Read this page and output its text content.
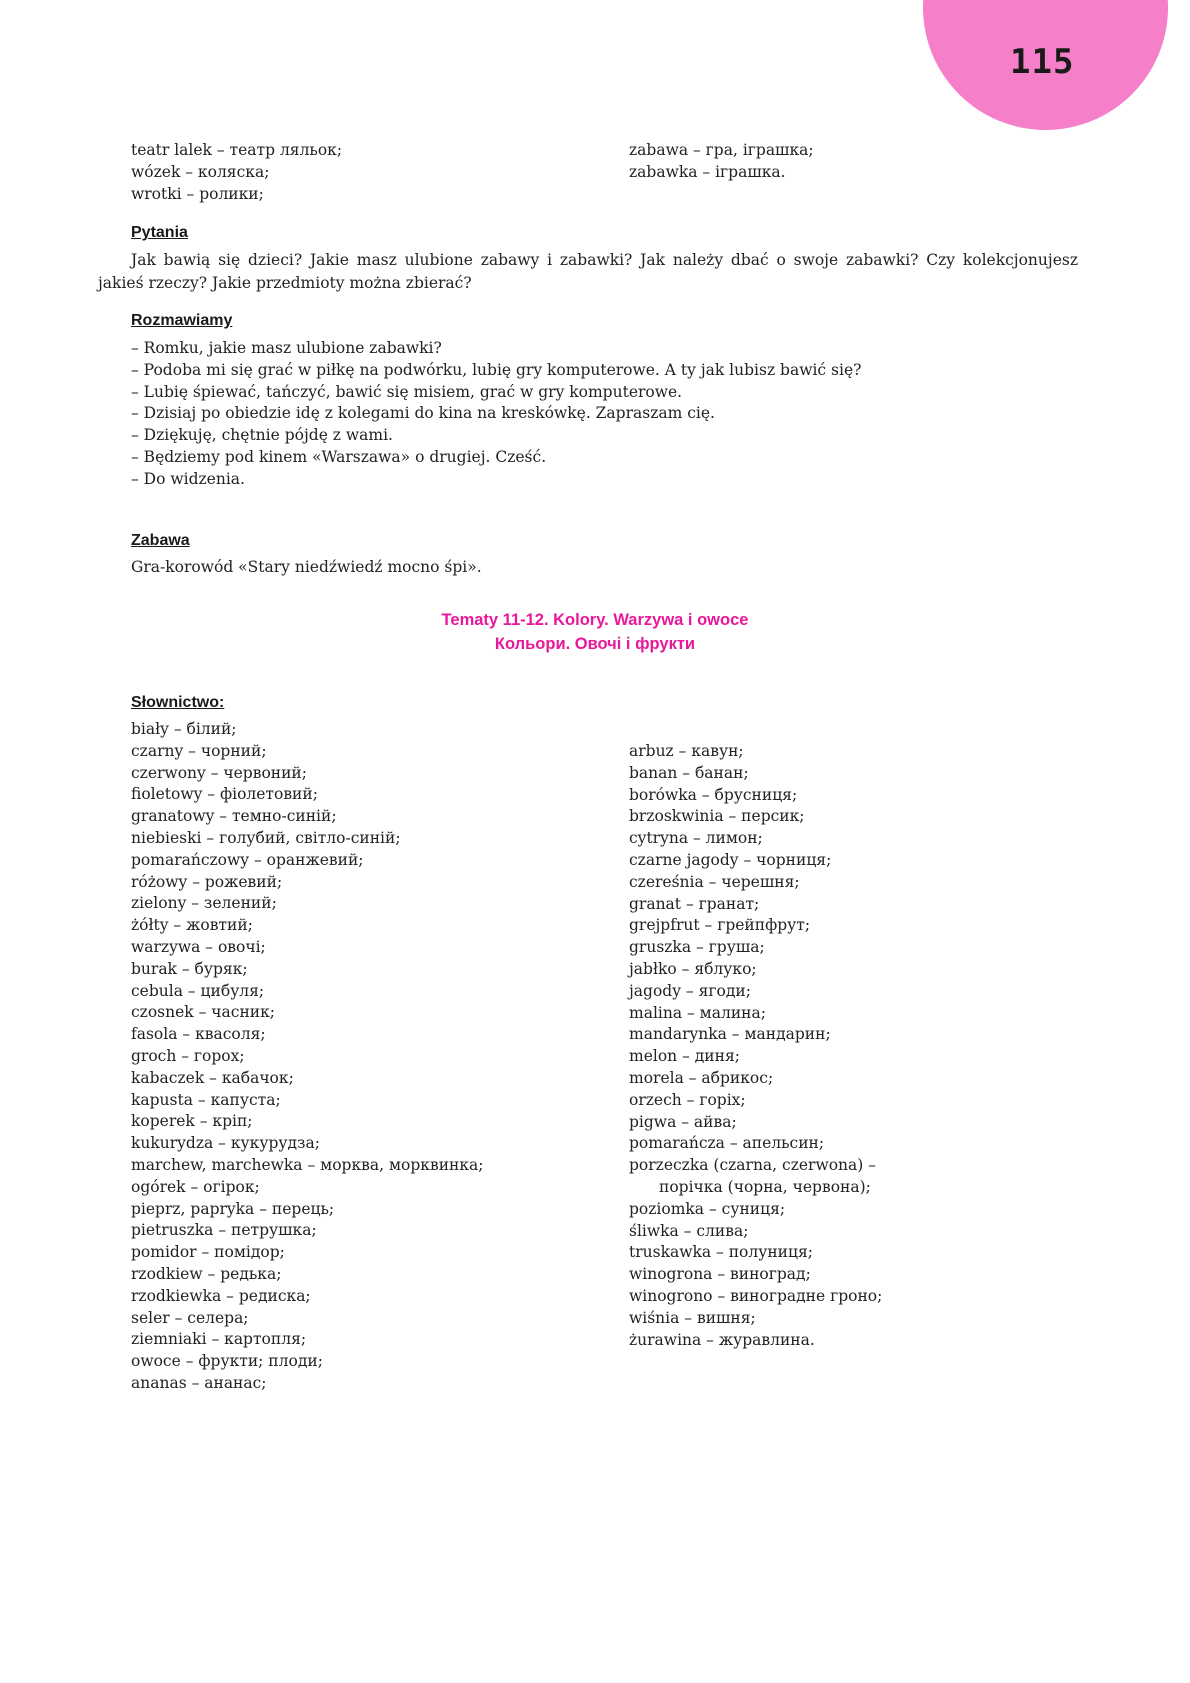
115
teatr lalek – театр ляльок;
wózek – коляска;
wrotki – ролики;
zabawa – гра, іграшка;
zabawka – іграшка.
Pytania
Jak bawią się dzieci? Jakie masz ulubione zabawy i zabawki? Jak należy dbać o swoje zabawki? Czy kolekcjonujesz jakieś rzeczy? Jakie przedmioty można zbierać?
Rozmawiamy
– Romku, jakie masz ulubione zabawki?
– Podoba mi się grać w piłkę na podwórku, lubię gry komputerowe. A ty jak lubisz bawić się?
– Lubię śpiewać, tańczyć, bawić się misiem, grać w gry komputerowe.
– Dzisiaj po obiedzie idę z kolegami do kina na kreskówkę. Zapraszam cię.
– Dziękuję, chętnie pójdę z wami.
– Będziemy pod kinem «Warszawa» o drugiej. Cześć.
– Do widzenia.
Zabawa
Gra-korowód «Stary niedźwiedź mocno śpi».
Tematy 11-12. Kolory. Warzywa i owoce
Кольори. Овочі і фрукти
Słownictwo:
biały – білий;
czarny – чорний;
czerwony – червоний;
fioletowy – фіолетовий;
granatowy – темно-синій;
niebieski – голубий, світло-синій;
pomarańczowy – оранжевий;
różowy – рожевий;
zielony – зелений;
żółty – жовтий;
warzywa – овочі;
burak – буряк;
cebula – цибуля;
czosnek – часник;
fasola – квасоля;
groch – горох;
kabaczek – кабачок;
kapusta – капуста;
koperek – кріп;
kukurydza – кукурудза;
marchew, marchewka – морква, морквинка;
ogórek – огірок;
pieprz, papryka – перець;
pietruszka – петрушка;
pomidor – помідор;
rzodkiew – редька;
rzodkiewka – редиска;
seler – селера;
ziemniaki – картопля;
owoce – фрукти; плоди;
ananas – ананас;
arbuz – кавун;
banan – банан;
borówka – брусниця;
brzoskwinia – персик;
cytryna – лимон;
czarne jagody – чорниця;
czereśnia – черешня;
granat – гранат;
grejpfrut – грейпфрут;
gruszka – груша;
jabłko – яблуко;
jagody – ягоди;
malina – малина;
mandarynka – мандарин;
melon – диня;
morela – абрикос;
orzech – горіх;
pigwa – айва;
pomarańcza – апельсин;
porzeczka (czarna, czerwona) –
порічка (чорна, червона);
poziomka – суниця;
śliwka – слива;
truskawka – полуниця;
winogrona – виноград;
winogrono – виноградне гроно;
wiśnia – вишня;
żurawina – журавлина.
